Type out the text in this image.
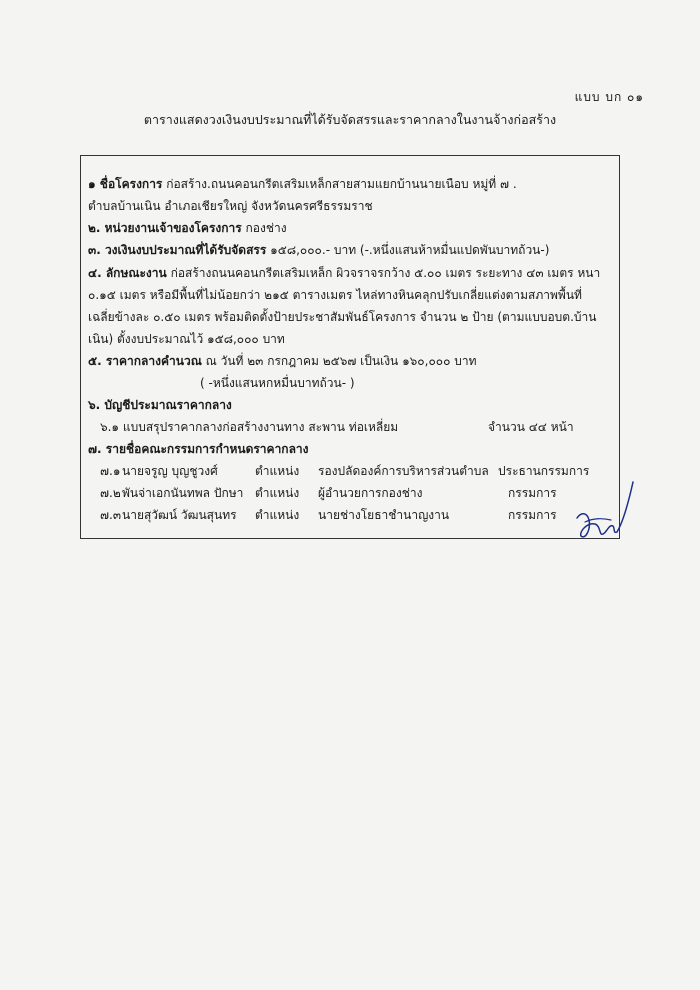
แบบ บก ๐๑
ตารางแสดงวงเงินงบประมาณที่ได้รับจัดสรรและราคากลางในงานจ้างก่อสร้าง
๑ ชื่อโครงการ ก่อสร้าง.ถนนคอนกรีตเสริมเหล็กสายสามแยกบ้านนายเนือบ หมู่ที่ ๗ .
ตำบลบ้านเนิน อำเภอเชียรใหญ่ จังหวัดนครศรีธรรมราช
๒. หน่วยงานเจ้าของโครงการ กองช่าง
๓. วงเงินงบประมาณที่ได้รับจัดสรร ๑๕๘,๐๐๐.- บาท (-.หนึ่งแสนห้าหมื่นแปดพันบาทถ้วน-)
๔. ลักษณะงาน ก่อสร้างถนนคอนกรีตเสริมเหล็ก ผิวจราจรกว้าง ๕.๐๐ เมตร ระยะทาง ๔๓ เมตร หนา
๐.๑๕ เมตร หรือมีพื้นที่ไม่น้อยกว่า ๒๑๕ ตารางเมตร ไหล่ทางหินคลุกปรับเกลี่ยแต่งตามสภาพพื้นที่
เฉลี่ยข้างละ ๐.๕๐ เมตร พร้อมติดตั้งป้ายประชาสัมพันธ์โครงการ จำนวน ๒ ป้าย (ตามแบบอบต.บ้าน
เนิน) ตั้งงบประมาณไว้ ๑๕๘,๐๐๐ บาท
๕. ราคากลางคำนวณ ณ วันที่ ๒๓ กรกฎาคม ๒๕๖๗ เป็นเงิน ๑๖๐,๐๐๐ บาท
( -หนึ่งแสนหกหมื่นบาทถ้วน- )
๖. บัญชีประมาณราคากลาง
๖.๑ แบบสรุปราคากลางก่อสร้างงานทาง สะพาน ท่อเหลี่ยม	จำนวน ๔๔ หน้า
๗. รายชื่อคณะกรรมการกำหนดราคากลาง
๗.๑ นายจรูญ บุญชูวงศ์	ตำแหน่ง รองปลัดองค์การบริหารส่วนตำบล ประธานกรรมการ
๗.๒ พันจ่าเอกนันทพล ปักษา ตำแหน่ง ผู้อำนวยการกองช่าง	กรรมการ
๗.๓ นายสุวัฒน์ วัฒนสุนทร ตำแหน่ง นายช่างโยธาชำนาญงาน	กรรมการ
